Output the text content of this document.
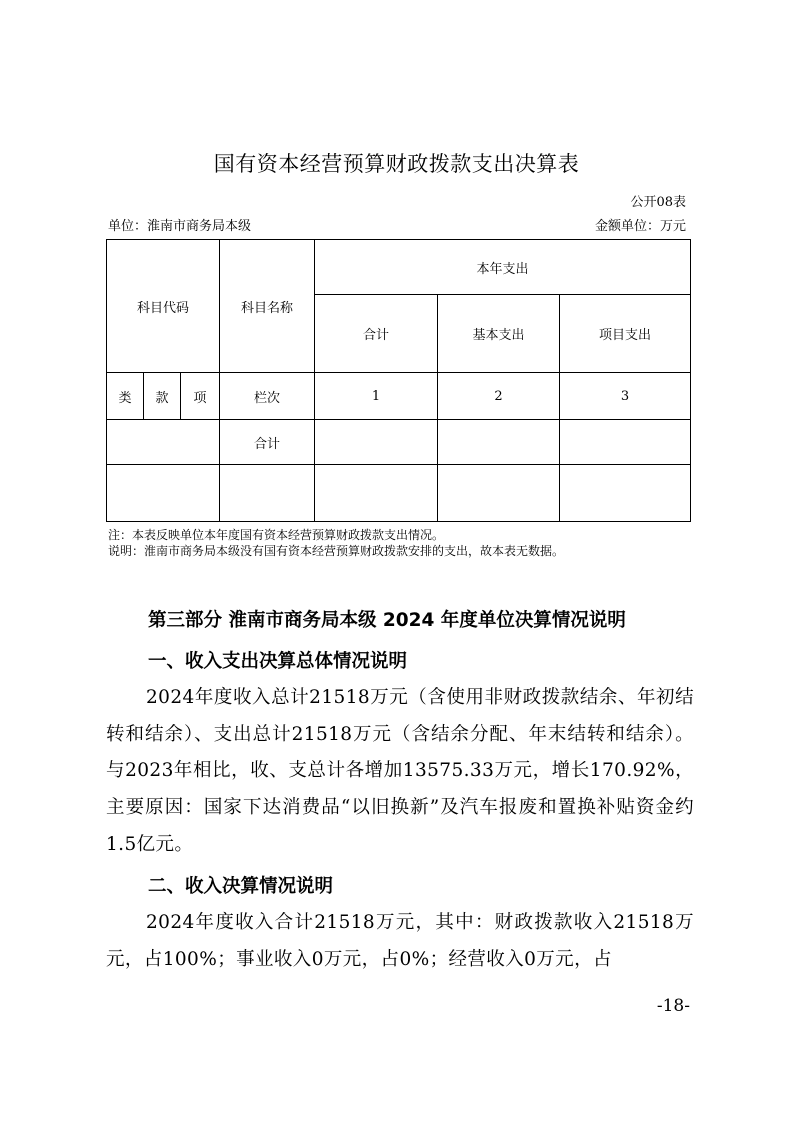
国有资本经营预算财政拨款支出决算表
公开08表
单位：淮南市商务局本级	金额单位：万元
科目代码			科目名称	本年支出		
				合计	基本支出	项目支出
类	款	项	栏次	1	2	3
			合计			

注：本表反映单位本年度国有资本经营预算财政拨款支出情况。
说明：淮南市商务局本级没有国有资本经营预算财政拨款安排的支出，故本表无数据。
第三部分 淮南市商务局本级 2024 年度单位决算情况说明
一、收入支出决算总体情况说明
2024年度收入总计21518万元（含使用非财政拨款结余、年初结转和结余）、支出总计21518万元（含结余分配、年末结转和结余）。与2023年相比，收、支总计各增加13575.33万元，增长170.92%，主要原因：国家下达消费品“以旧换新”及汽车报废和置换补贴资金约1.5亿元。
二、收入决算情况说明
2024年度收入合计21518万元，其中：财政拨款收入21518万元，占100%；事业收入0万元，占0%；经营收入0万元，占
-18-
